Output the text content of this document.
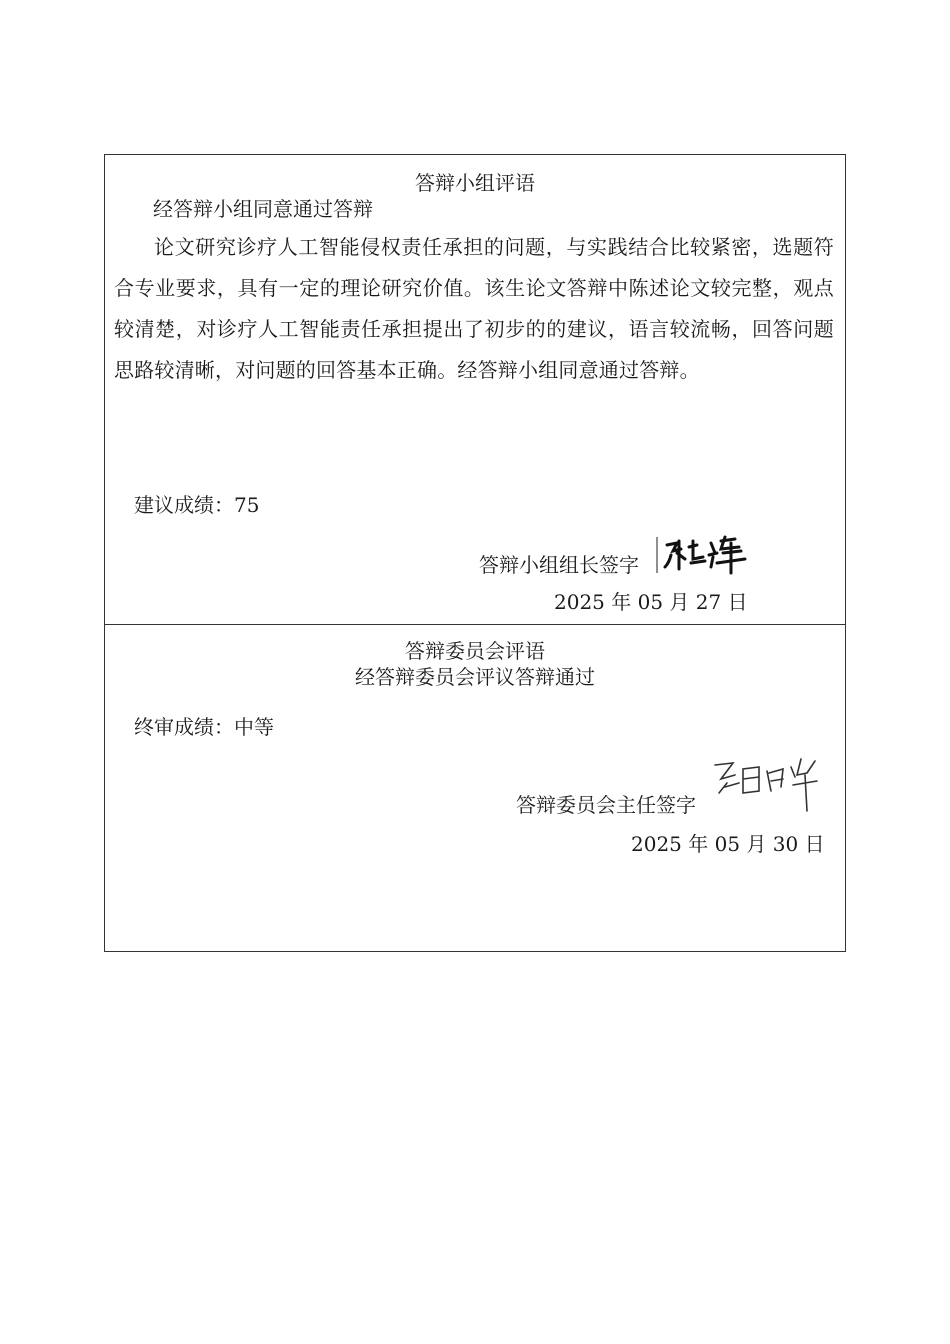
答辩小组评语
经答辩小组同意通过答辩
论文研究诊疗人工智能侵权责任承担的问题，与实践结合比较紧密，选题符合专业要求，具有一定的理论研究价值。该生论文答辩中陈述论文较完整，观点较清楚，对诊疗人工智能责任承担提出了初步的的建议，语言较流畅，回答问题思路较清晰，对问题的回答基本正确。经答辩小组同意通过答辩。
建议成绩：75
答辩小组组长签字
2025 年 05 月 27 日
答辩委员会评语
经答辩委员会评议答辩通过
终审成绩：中等
答辩委员会主任签字
2025 年 05 月 30 日
